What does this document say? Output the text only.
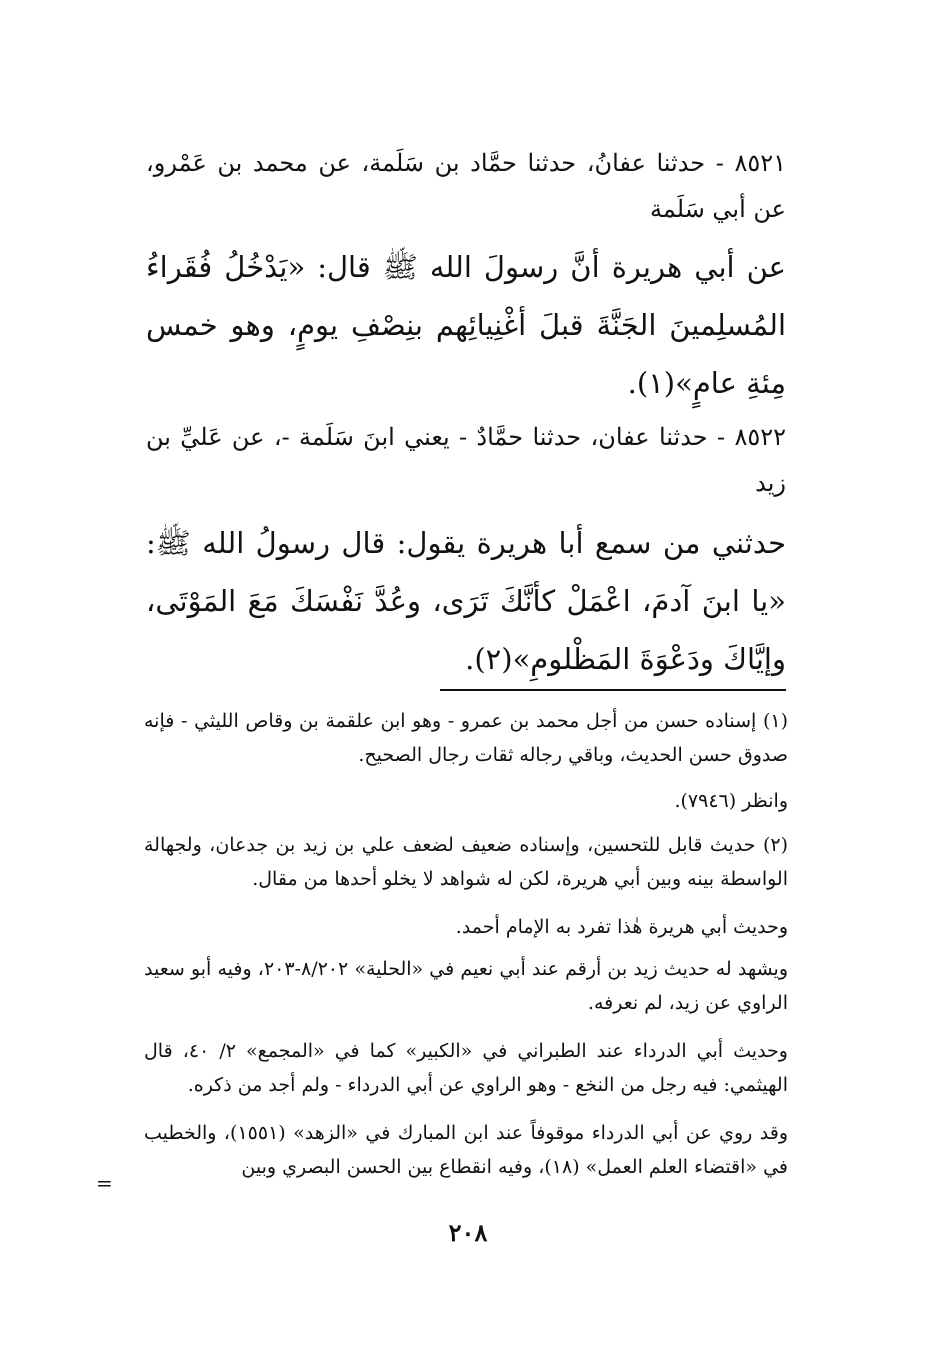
٨٥٢١ - حدثنا عفانُ، حدثنا حمَّاد بن سَلَمة، عن محمد بن عَمْرو، عن أبي سَلَمة

عن أبي هريرة أنَّ رسولَ الله ﷺ قال: «يَدْخُلُ فُقَراءُ المُسلِمينَ الجَنَّةَ قبلَ أغْنِيائِهم بنِصْفِ يومٍ، وهو خمس مِئةِ عامٍ»(١).

٨٥٢٢ - حدثنا عفان، حدثنا حمَّادٌ - يعني ابنَ سَلَمة -، عن عَليِّ بن زيد

حدثني من سمع أبا هريرة يقول: قال رسولُ الله ﷺ: «يا ابنَ آدمَ، اعْمَلْ كأنَّكَ تَرَى، وعُدَّ نَفْسَكَ مَعَ المَوْتَى، وإيَّاكَ ودَعْوَةَ المَظْلومِ»(٢).

(١) إسناده حسن من أجل محمد بن عمرو - وهو ابن علقمة بن وقاص الليثي - فإنه صدوق حسن الحديث، وباقي رجاله ثقات رجال الصحيح.

وانظر (٧٩٤٦).

(٢) حديث قابل للتحسين، وإسناده ضعيف لضعف علي بن زيد بن جدعان، ولجهالة الواسطة بينه وبين أبي هريرة، لكن له شواهد لا يخلو أحدها من مقال.

وحديث أبي هريرة هٰذا تفرد به الإمام أحمد.

ويشهد له حديث زيد بن أرقم عند أبي نعيم في «الحلية» ٨/٢٠٢-٢٠٣، وفيه أبو سعيد الراوي عن زيد، لم نعرفه.

وحديث أبي الدرداء عند الطبراني في «الكبير» كما في «المجمع» ٢/ ٤٠، قال الهيثمي: فيه رجل من النخع - وهو الراوي عن أبي الدرداء - ولم أجد من ذكره.

وقد روي عن أبي الدرداء موقوفاً عند ابن المبارك في «الزهد» (١٥٥١)، والخطيب في «اقتضاء العلم العمل» (١٨)، وفيه انقطاع بين الحسن البصري وبين

=
٢٠٨
